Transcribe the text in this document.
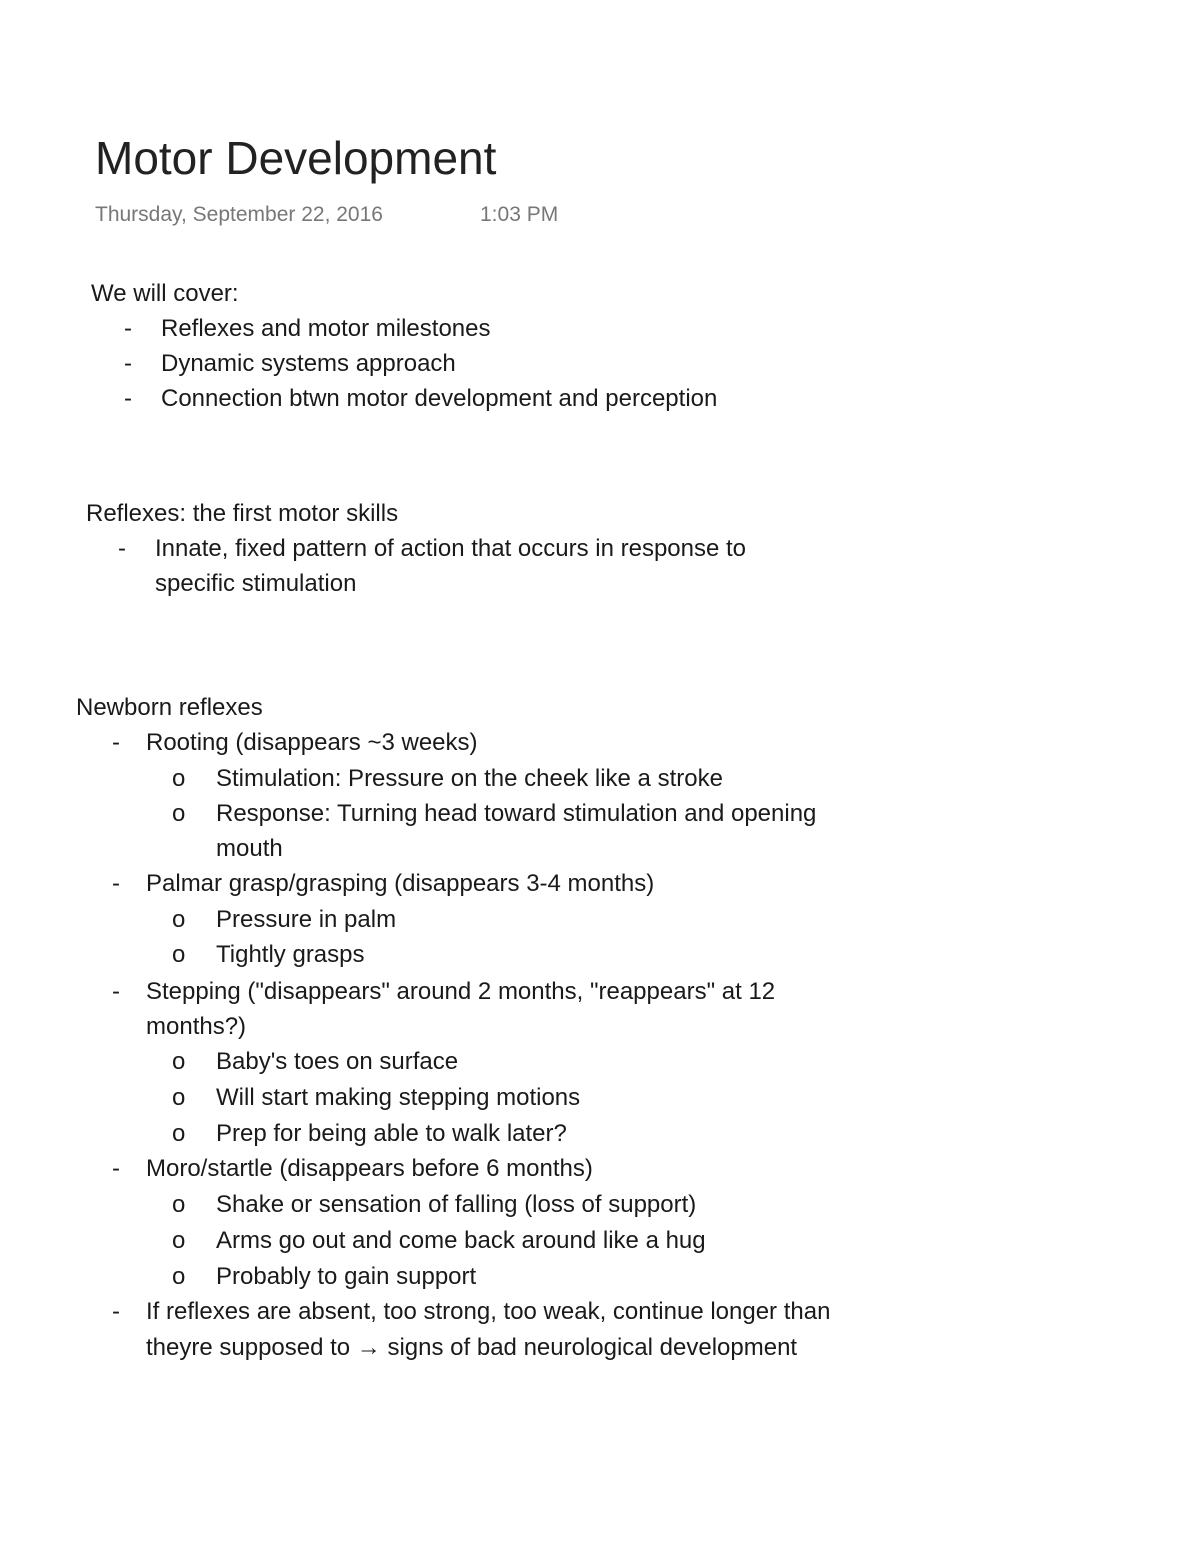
Motor Development
Thursday, September 22, 2016	1:03 PM
We will cover:
- Reflexes and motor milestones
- Dynamic systems approach
- Connection btwn motor development and perception
Reflexes: the first motor skills
- Innate, fixed pattern of action that occurs in response to
specific stimulation
Newborn reflexes
- Rooting (disappears ~3 weeks)
o Stimulation: Pressure on the cheek like a stroke
o Response: Turning head toward stimulation and opening
mouth
- Palmar grasp/grasping (disappears 3-4 months)
o Pressure in palm
o Tightly grasps
- Stepping ("disappears" around 2 months, "reappears" at 12
months?)
o Baby's toes on surface
o Will start making stepping motions
o Prep for being able to walk later?
- Moro/startle (disappears before 6 months)
o Shake or sensation of falling (loss of support)
o Arms go out and come back around like a hug
o Probably to gain support
- If reflexes are absent, too strong, too weak, continue longer than
theyre supposed to → signs of bad neurological development
